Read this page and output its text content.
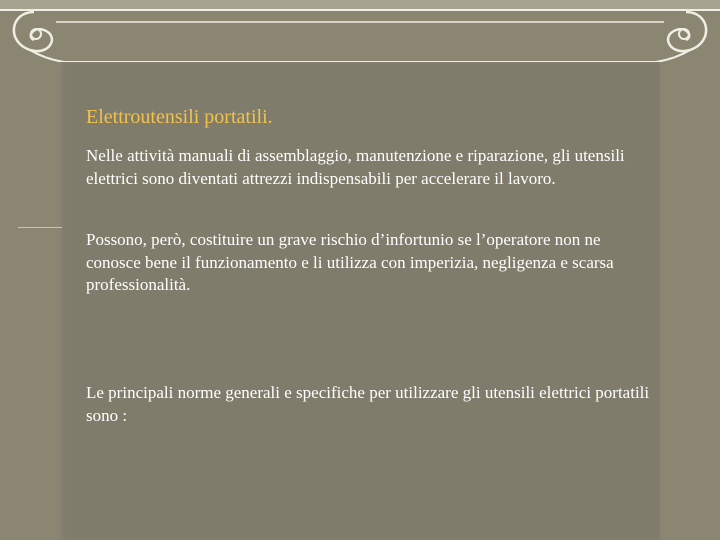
Elettroutensili portatili.

Nelle attività manuali di assemblaggio, manutenzione e riparazione, gli utensili elettrici sono diventati attrezzi indispensabili per accelerare il lavoro.

Possono, però, costituire un grave rischio d’infortunio se l’operatore non ne conosce bene il funzionamento e li utilizza con imperizia, negligenza e scarsa professionalità.

Le principali norme generali e specifiche per utilizzare gli utensili elettrici portatili sono :
